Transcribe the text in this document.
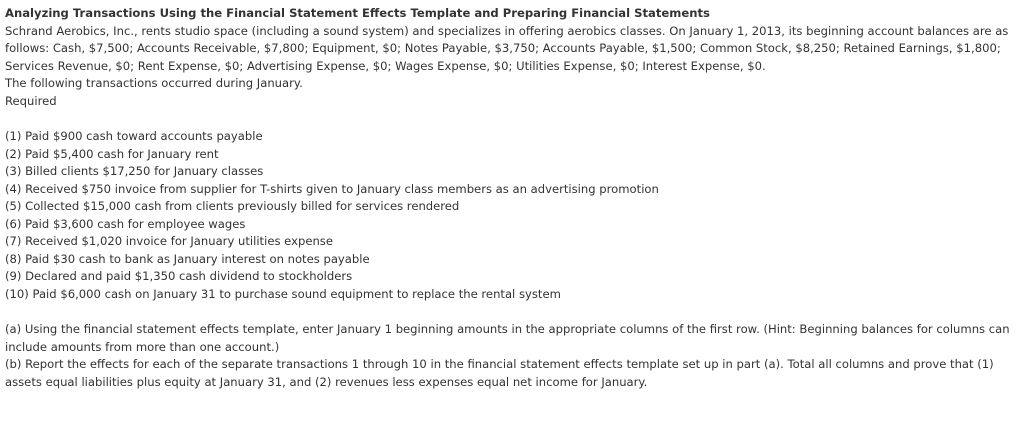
Analyzing Transactions Using the Financial Statement Effects Template and Preparing Financial Statements

Schrand Aerobics, Inc., rents studio space (including a sound system) and specializes in offering aerobics classes. On January 1, 2013, its beginning account balances are as follows: Cash, $7,500; Accounts Receivable, $7,800; Equipment, $0; Notes Payable, $3,750; Accounts Payable, $1,500; Common Stock, $8,250; Retained Earnings, $1,800; Services Revenue, $0; Rent Expense, $0; Advertising Expense, $0; Wages Expense, $0; Utilities Expense, $0; Interest Expense, $0.

The following transactions occurred during January.

Required

(1) Paid $900 cash toward accounts payable
(2) Paid $5,400 cash for January rent
(3) Billed clients $17,250 for January classes
(4) Received $750 invoice from supplier for T-shirts given to January class members as an advertising promotion
(5) Collected $15,000 cash from clients previously billed for services rendered
(6) Paid $3,600 cash for employee wages
(7) Received $1,020 invoice for January utilities expense
(8) Paid $30 cash to bank as January interest on notes payable
(9) Declared and paid $1,350 cash dividend to stockholders
(10) Paid $6,000 cash on January 31 to purchase sound equipment to replace the rental system

(a) Using the financial statement effects template, enter January 1 beginning amounts in the appropriate columns of the first row. (Hint: Beginning balances for columns can include amounts from more than one account.)

(b) Report the effects for each of the separate transactions 1 through 10 in the financial statement effects template set up in part (a). Total all columns and prove that (1) assets equal liabilities plus equity at January 31, and (2) revenues less expenses equal net income for January.
